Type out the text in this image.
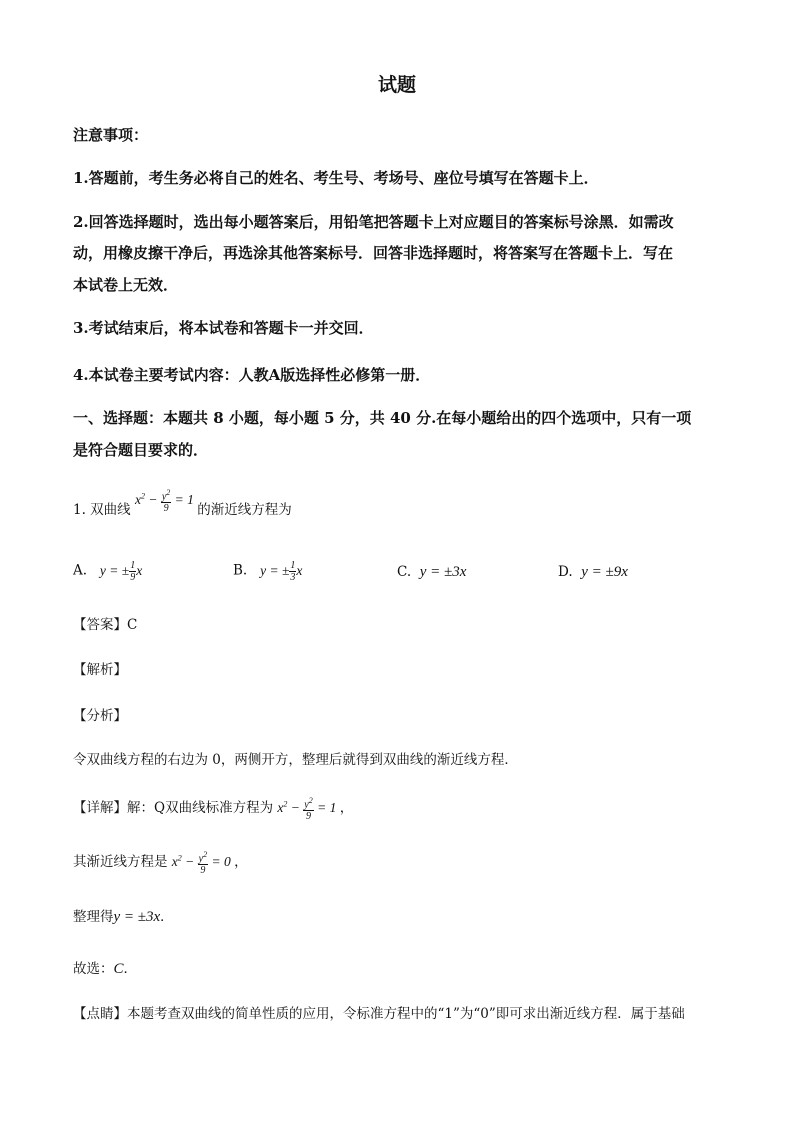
试题
注意事项：
1.答题前，考生务必将自己的姓名、考生号、考场号、座位号填写在答题卡上．
2.回答选择题时，选出每小题答案后，用铅笔把答题卡上对应题目的答案标号涂黑．如需改
动，用橡皮擦干净后，再选涂其他答案标号．回答非选择题时，将答案写在答题卡上．写在
本试卷上无效．
3.考试结束后，将本试卷和答题卡一并交回．
4.本试卷主要考试内容：人教A版选择性必修第一册．
一、选择题：本题共 8 小题，每小题 5 分，共 40 分.在每小题给出的四个选项中，只有一项
是符合题目要求的．
1. 双曲线 $x^2 - \frac{y^2}{9} = 1$ 的渐近线方程为
A. y = ± $\frac{1}{9}$ x	B. y = ± $\frac{1}{3}$ x	C. y = ±3x	D. y = ±9x
【答案】C
【解析】
【分析】
令双曲线方程的右边为 0，两侧开方，整理后就得到双曲线的渐近线方程．
【详解】解：Q双曲线标准方程为 $x^2 - \frac{y^2}{9} = 1$ ，
其渐近线方程是 $x^2 - \frac{y^2}{9} = 0$ ，
整理得y = ±3x．
故选：C．
【点睛】本题考查双曲线的简单性质的应用，令标准方程中的“1”为“0”即可求出渐近线方程．属于基础
